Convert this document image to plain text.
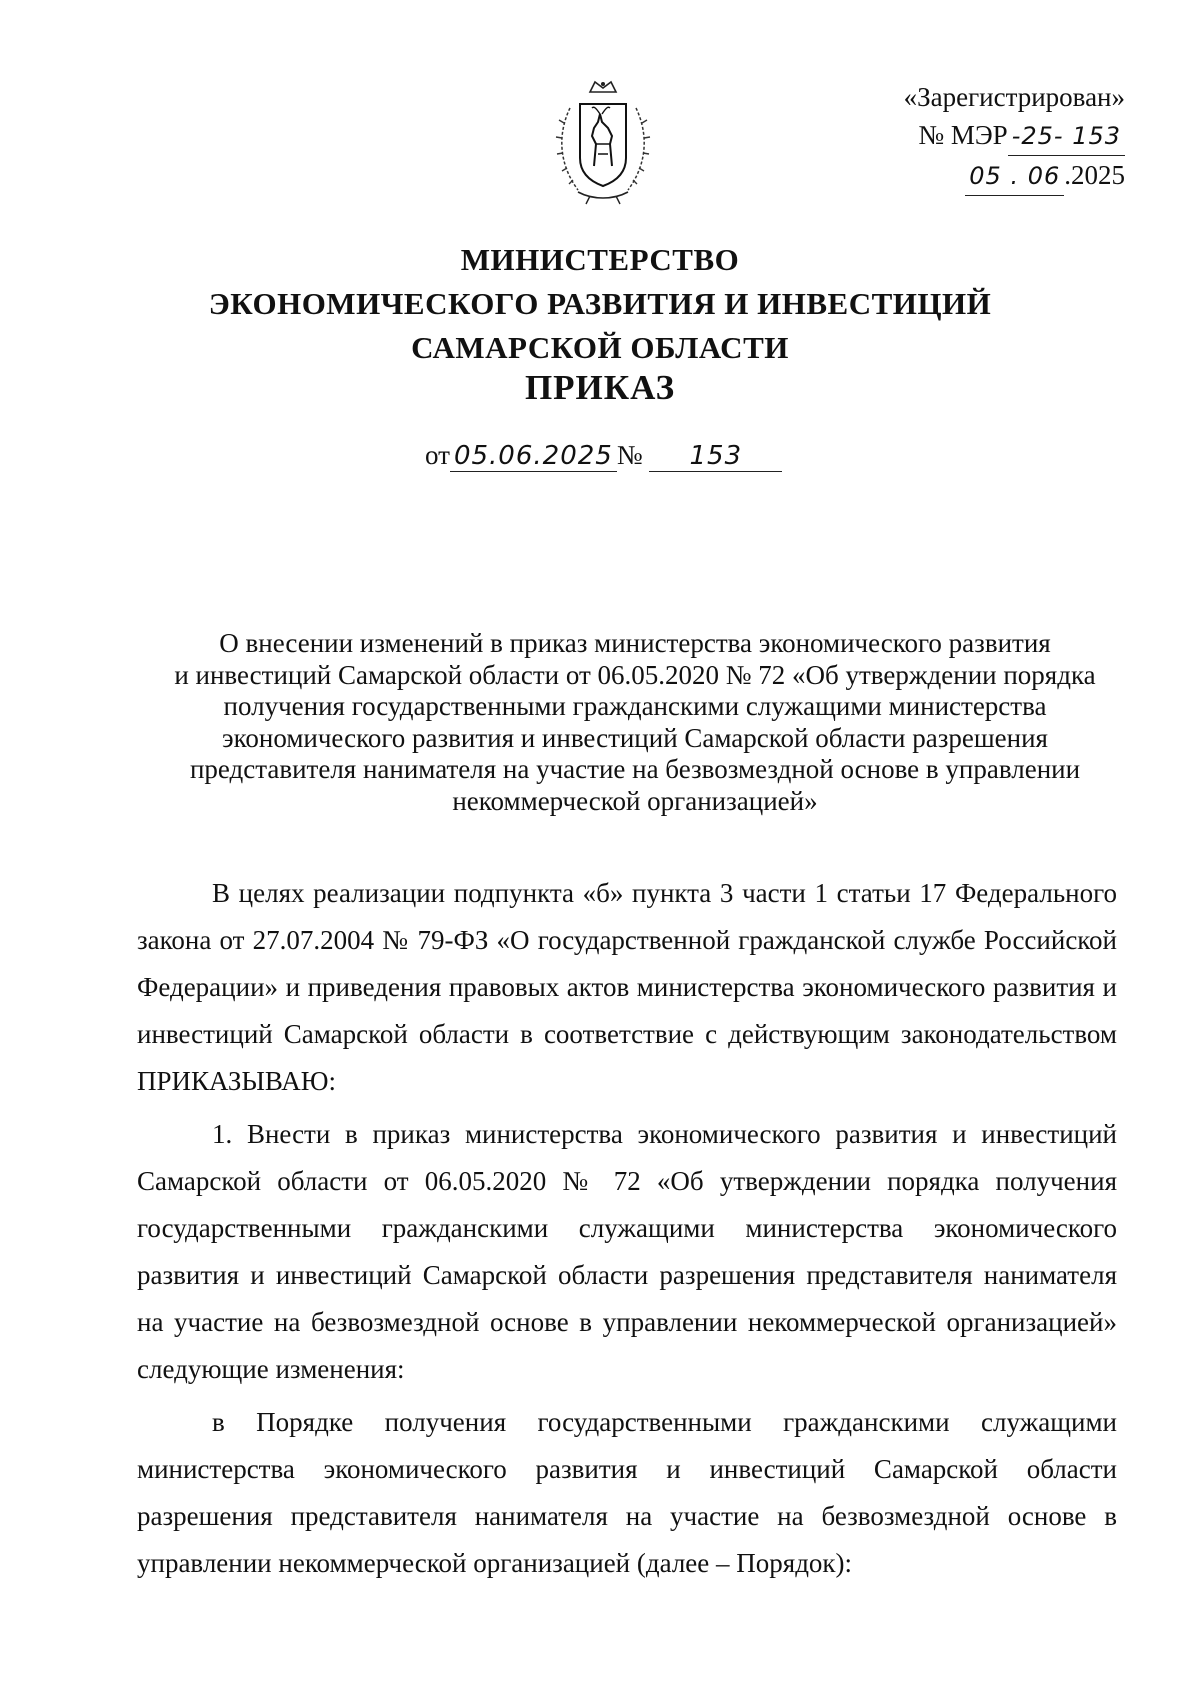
«Зарегистрирован»
№ МЭР -25- 153
05 . 06 .2025
МИНИСТЕРСТВО
ЭКОНОМИЧЕСКОГО РАЗВИТИЯ И ИНВЕСТИЦИЙ
САМАРСКОЙ ОБЛАСТИ
ПРИКАЗ
от 05.06.2025 № 153
О внесении изменений в приказ министерства экономического развития
и инвестиций Самарской области от 06.05.2020 № 72 «Об утверждении порядка
получения государственными гражданскими служащими министерства
экономического развития и инвестиций Самарской области разрешения
представителя нанимателя на участие на безвозмездной основе в управлении
некоммерческой организацией»

В целях реализации подпункта «б» пункта 3 части 1 статьи 17 Федерального закона от 27.07.2004 № 79-ФЗ «О государственной гражданской службе Российской Федерации» и приведения правовых актов министерства экономического развития и инвестиций Самарской области в соответствие с действующим законодательством ПРИКАЗЫВАЮ:

1. Внести в приказ министерства экономического развития и инвестиций Самарской области от 06.05.2020 № 72 «Об утверждении порядка получения государственными гражданскими служащими министерства экономического развития и инвестиций Самарской области разрешения представителя нанимателя на участие на безвозмездной основе в управлении некоммерческой организацией» следующие изменения:

в Порядке получения государственными гражданскими служащими министерства экономического развития и инвестиций Самарской области разрешения представителя нанимателя на участие на безвозмездной основе в управлении некоммерческой организацией (далее – Порядок):
